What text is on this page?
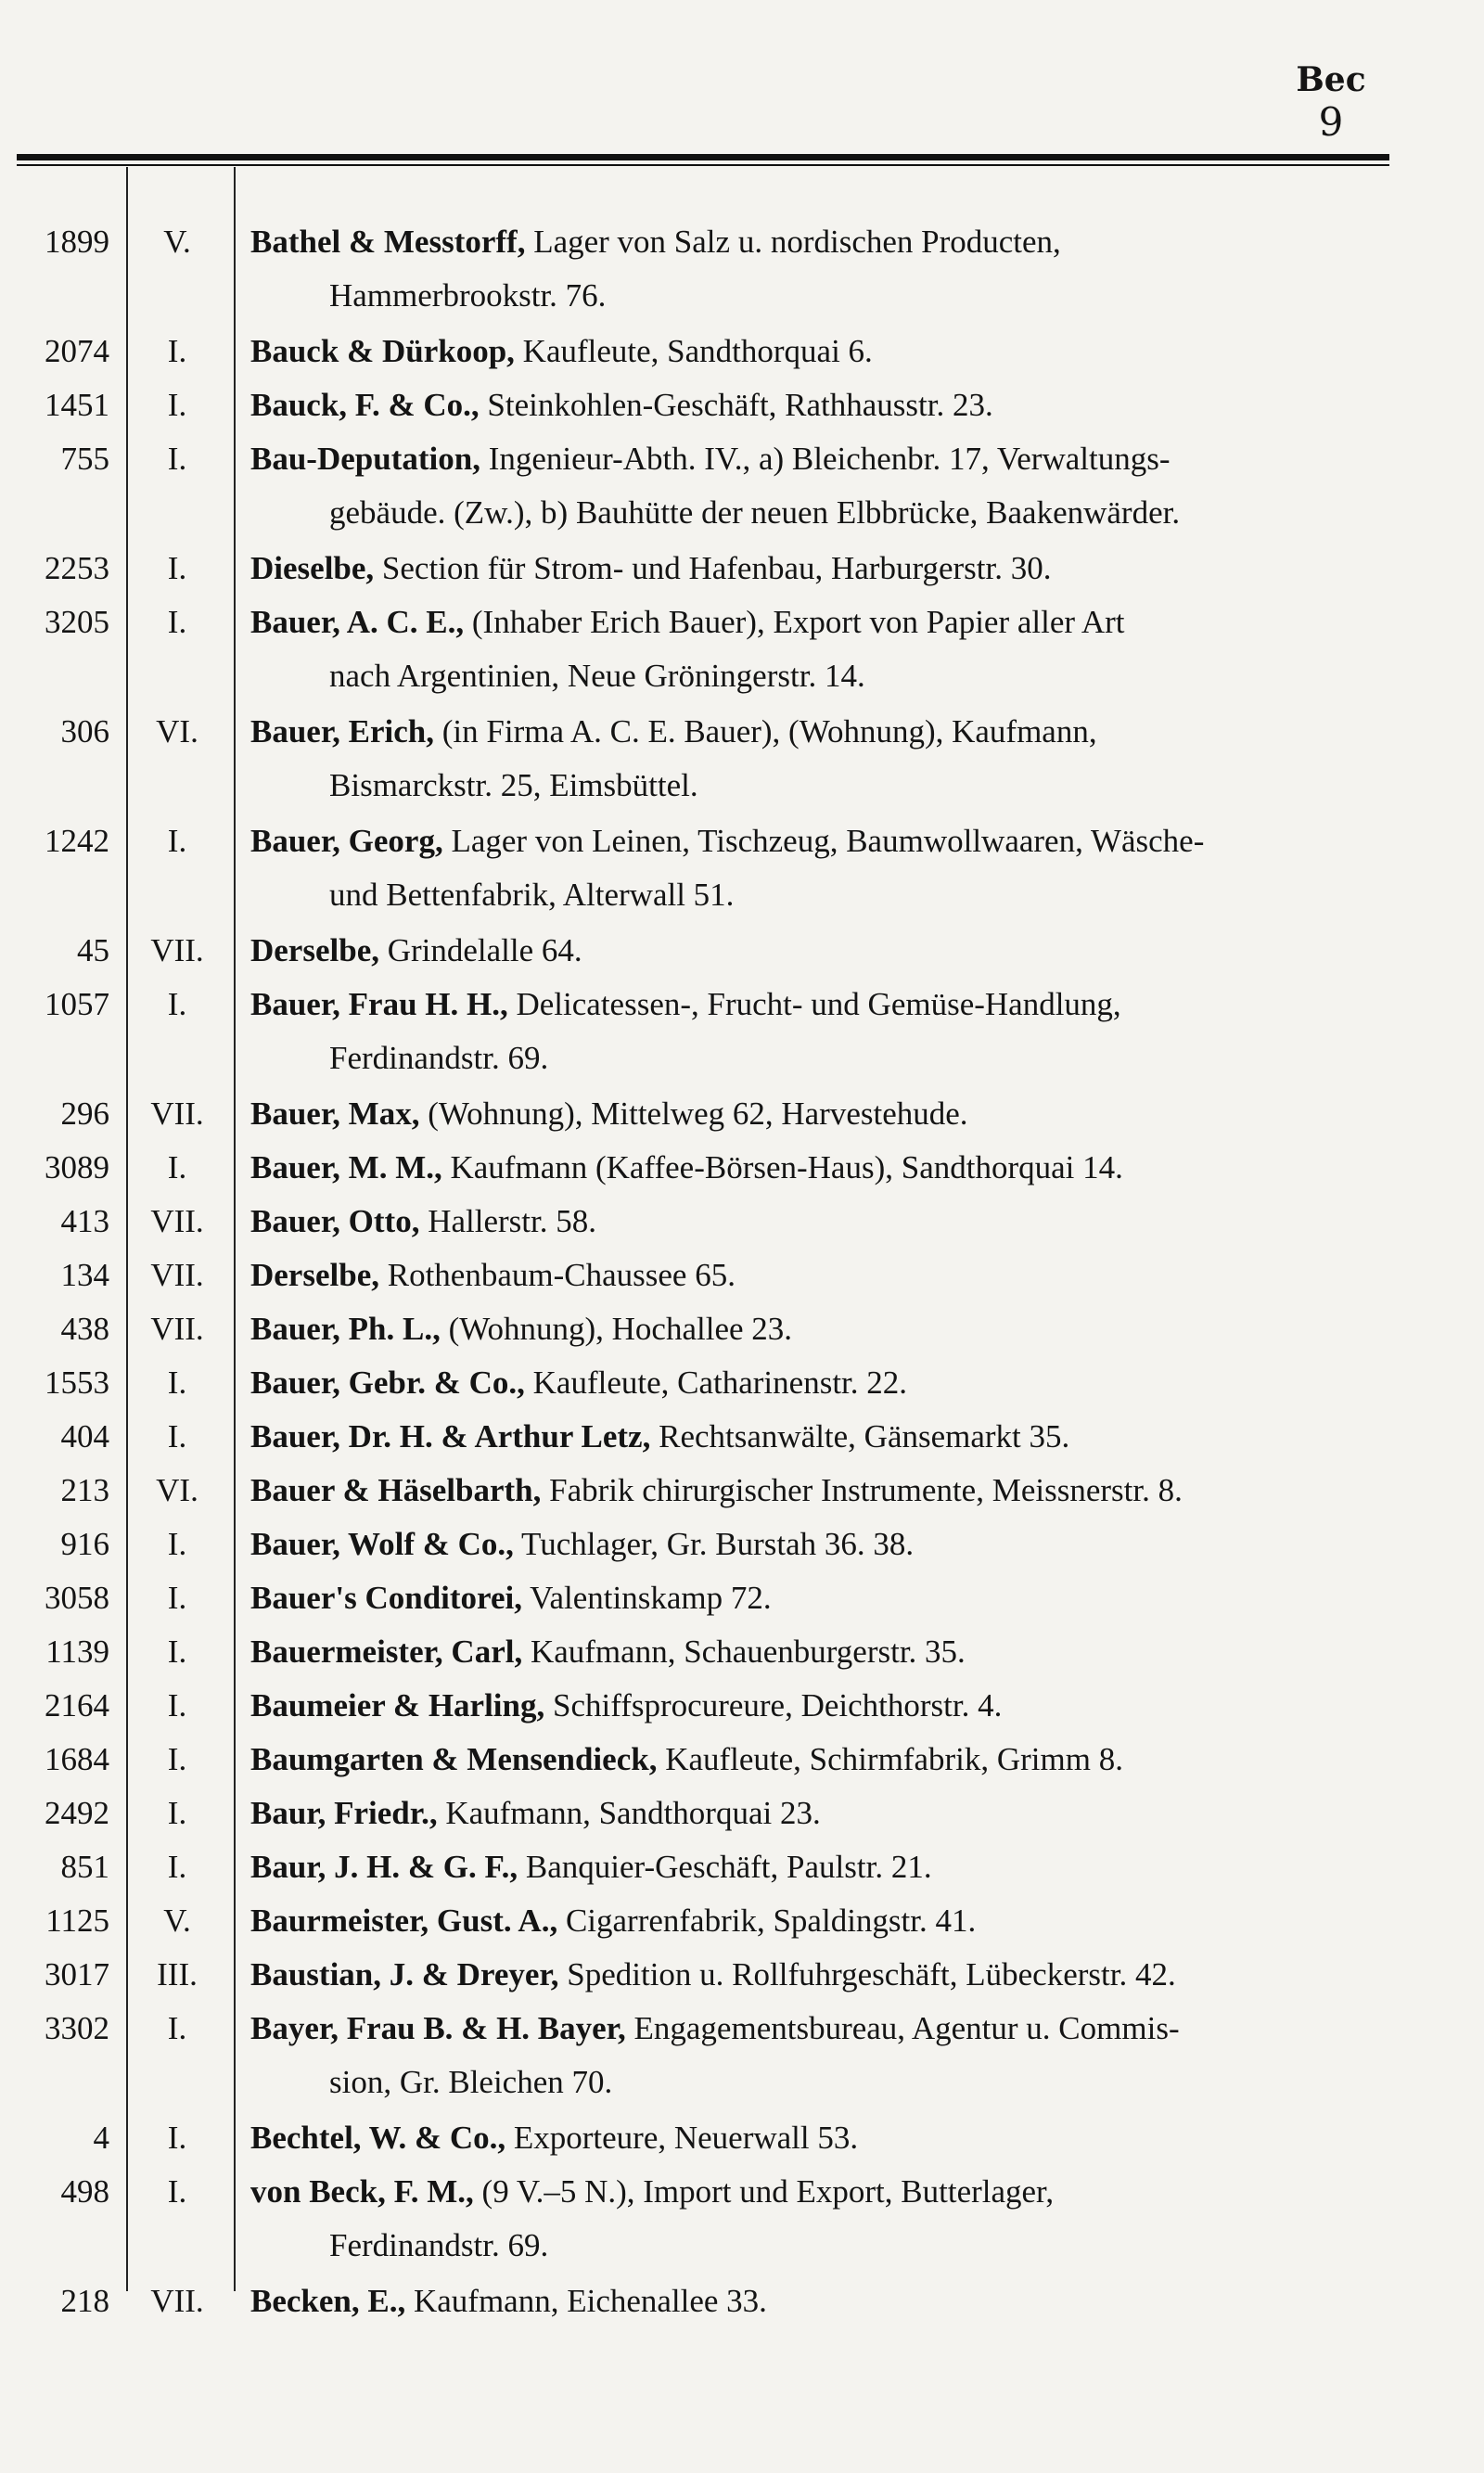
Bec
9
1899	V.	Bathel & Messtorff, Lager von Salz u. nordischen Producten,
Hammerbrookstr. 76.
2074	I.	Bauck & Dürkoop, Kaufleute, Sandthorquai 6.
1451	I.	Bauck, F. & Co., Steinkohlen-Geschäft, Rathhausstr. 23.
755	I.	Bau-Deputation, Ingenieur-Abth. IV., a) Bleichenbr. 17, Verwaltungs-
gebäude. (Zw.), b) Bauhütte der neuen Elbbrücke, Baakenwärder.
2253	I.	Dieselbe, Section für Strom- und Hafenbau, Harburgerstr. 30.
3205	I.	Bauer, A. C. E., (Inhaber Erich Bauer), Export von Papier aller Art
nach Argentinien, Neue Gröningerstr. 14.
306	VI.	Bauer, Erich, (in Firma A. C. E. Bauer), (Wohnung), Kaufmann,
Bismarckstr. 25, Eimsbüttel.
1242	I.	Bauer, Georg, Lager von Leinen, Tischzeug, Baumwollwaaren, Wäsche-
und Bettenfabrik, Alterwall 51.
45	VII.	Derselbe, Grindelalle 64.
1057	I.	Bauer, Frau H. H., Delicatessen-, Frucht- und Gemüse-Handlung,
Ferdinandstr. 69.
296	VII.	Bauer, Max, (Wohnung), Mittelweg 62, Harvestehude.
3089	I.	Bauer, M. M., Kaufmann (Kaffee-Börsen-Haus), Sandthorquai 14.
413	VII.	Bauer, Otto, Hallerstr. 58.
134	VII.	Derselbe, Rothenbaum-Chaussee 65.
438	VII.	Bauer, Ph. L., (Wohnung), Hochallee 23.
1553	I.	Bauer, Gebr. & Co., Kaufleute, Catharinenstr. 22.
404	I.	Bauer, Dr. H. & Arthur Letz, Rechtsanwälte, Gänsemarkt 35.
213	VI.	Bauer & Häselbarth, Fabrik chirurgischer Instrumente, Meissnerstr. 8.
916	I.	Bauer, Wolf & Co., Tuchlager, Gr. Burstah 36. 38.
3058	I.	Bauer's Conditorei, Valentinskamp 72.
1139	I.	Bauermeister, Carl, Kaufmann, Schauenburgerstr. 35.
2164	I.	Baumeier & Harling, Schiffsprocureure, Deichthorstr. 4.
1684	I.	Baumgarten & Mensendieck, Kaufleute, Schirmfabrik, Grimm 8.
2492	I.	Baur, Friedr., Kaufmann, Sandthorquai 23.
851	I.	Baur, J. H. & G. F., Banquier-Geschäft, Paulstr. 21.
1125	V.	Baurmeister, Gust. A., Cigarrenfabrik, Spaldingstr. 41.
3017	III.	Baustian, J. & Dreyer, Spedition u. Rollfuhrgeschäft, Lübeckerstr. 42.
3302	I.	Bayer, Frau B. & H. Bayer, Engagementsbureau, Agentur u. Commis-
sion, Gr. Bleichen 70.
4	I.	Bechtel, W. & Co., Exporteure, Neuerwall 53.
498	I.	von Beck, F. M., (9 V.–5 N.), Import und Export, Butterlager,
Ferdinandstr. 69.
218	VII.	Becken, E., Kaufmann, Eichenallee 33.
